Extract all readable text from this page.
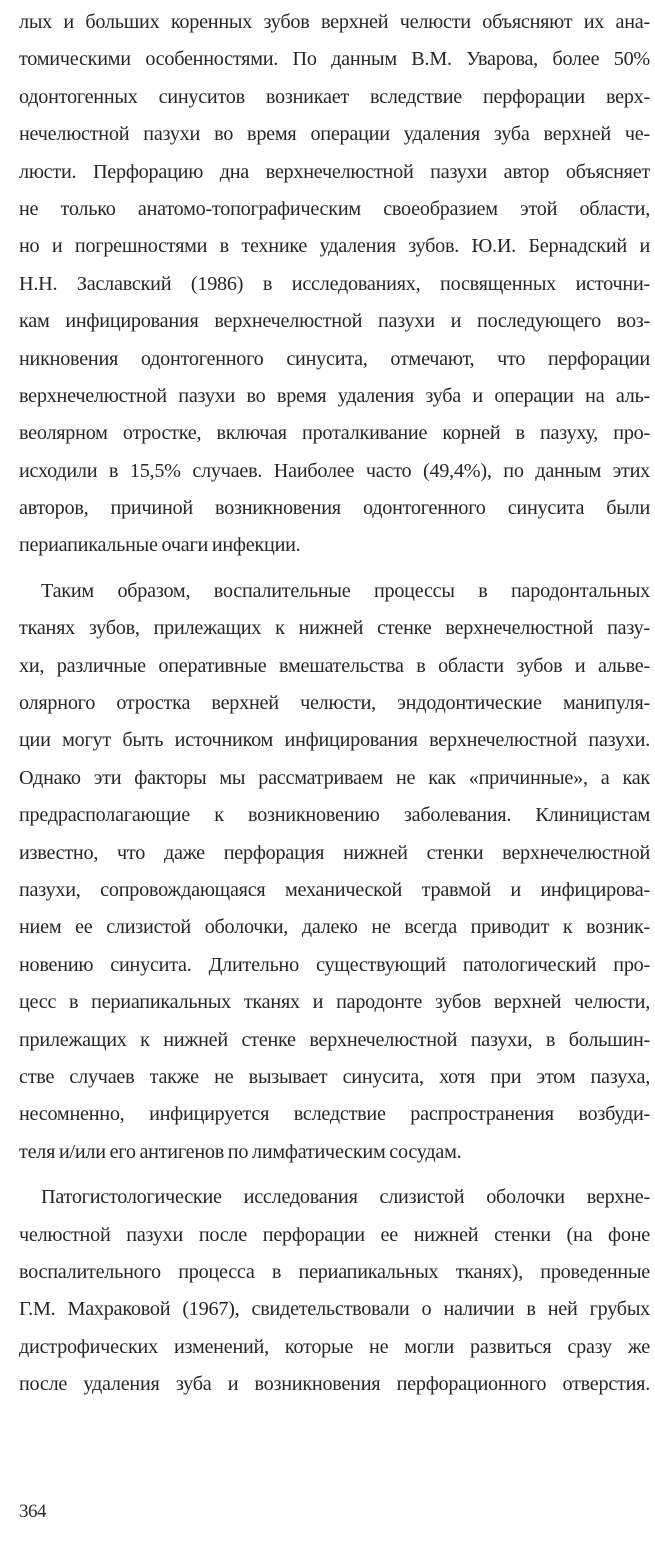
лых и больших коренных зубов верхней челюсти объясняют их ана-
томическими особенностями. По данным В.М. Уварова, более 50%
одонтогенных синуситов возникает вследствие перфорации верх-
нечелюстной пазухи во время операции удаления зуба верхней че-
люсти. Перфорацию дна верхнечелюстной пазухи автор объясняет
не только анатомо-топографическим своеобразием этой области,
но и погрешностями в технике удаления зубов. Ю.И. Бернадский и
Н.Н. Заславский (1986) в исследованиях, посвященных источни-
кам инфицирования верхнечелюстной пазухи и последующего воз-
никновения одонтогенного синусита, отмечают, что перфорации
верхнечелюстной пазухи во время удаления зуба и операции на аль-
веолярном отростке, включая проталкивание корней в пазуху, про-
исходили в 15,5% случаев. Наиболее часто (49,4%), по данным этих
авторов, причиной возникновения одонтогенного синусита были
периапикальные очаги инфекции.
Таким образом, воспалительные процессы в пародонтальных
тканях зубов, прилежащих к нижней стенке верхнечелюстной пазу-
хи, различные оперативные вмешательства в области зубов и альве-
олярного отростка верхней челюсти, эндодонтические манипуля-
ции могут быть источником инфицирования верхнечелюстной пазухи.
Однако эти факторы мы рассматриваем не как «причинные», а как
предрасполагающие к возникновению заболевания. Клиницистам
известно, что даже перфорация нижней стенки верхнечелюстной
пазухи, сопровождающаяся механической травмой и инфицирова-
нием ее слизистой оболочки, далеко не всегда приводит к возник-
новению синусита. Длительно существующий патологический про-
цесс в периапикальных тканях и пародонте зубов верхней челюсти,
прилежащих к нижней стенке верхнечелюстной пазухи, в большин-
стве случаев также не вызывает синусита, хотя при этом пазуха,
несомненно, инфицируется вследствие распространения возбуди-
теля и/или его антигенов по лимфатическим сосудам.
Патогистологические исследования слизистой оболочки верхне-
челюстной пазухи после перфорации ее нижней стенки (на фоне
воспалительного процесса в периапикальных тканях), проведенные
Г.М. Махраковой (1967), свидетельствовали о наличии в ней грубых
дистрофических изменений, которые не могли развиться сразу же
после удаления зуба и возникновения перфорационного отверстия.
364
